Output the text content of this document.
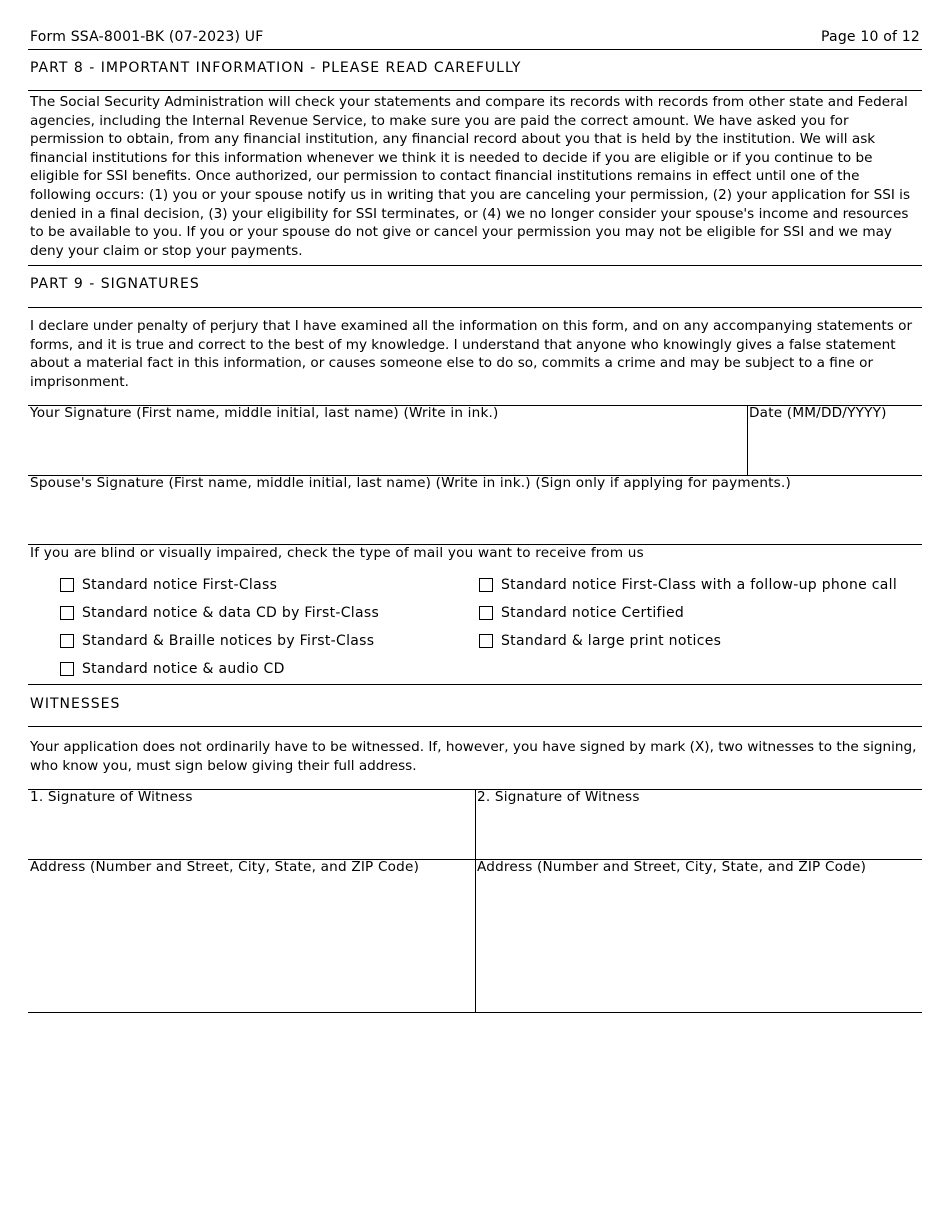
Form SSA-8001-BK (07-2023) UF	Page 10 of 12
PART 8 - IMPORTANT INFORMATION - PLEASE READ CAREFULLY
The Social Security Administration will check your statements and compare its records with records from other state and Federal agencies, including the Internal Revenue Service, to make sure you are paid the correct amount. We have asked you for permission to obtain, from any financial institution, any financial record about you that is held by the institution. We will ask financial institutions for this information whenever we think it is needed to decide if you are eligible or if you continue to be eligible for SSI benefits. Once authorized, our permission to contact financial institutions remains in effect until one of the following occurs: (1) you or your spouse notify us in writing that you are canceling your permission, (2) your application for SSI is denied in a final decision, (3) your eligibility for SSI terminates, or (4) we no longer consider your spouse's income and resources to be available to you. If you or your spouse do not give or cancel your permission you may not be eligible for SSI and we may deny your claim or stop your payments.
PART 9 - SIGNATURES
I declare under penalty of perjury that I have examined all the information on this form, and on any accompanying statements or forms, and it is true and correct to the best of my knowledge. I understand that anyone who knowingly gives a false statement about a material fact in this information, or causes someone else to do so, commits a crime and may be subject to a fine or imprisonment.
Your Signature (First name, middle initial, last name) (Write in ink.)	Date (MM/DD/YYYY)
Spouse's Signature (First name, middle initial, last name) (Write in ink.) (Sign only if applying for payments.)
If you are blind or visually impaired, check the type of mail you want to receive from us
Standard notice First-Class
Standard notice & data CD by First-Class
Standard & Braille notices by First-Class
Standard notice & audio CD
Standard notice First-Class with a follow-up phone call
Standard notice Certified
Standard & large print notices
WITNESSES
Your application does not ordinarily have to be witnessed. If, however, you have signed by mark (X), two witnesses to the signing, who know you, must sign below giving their full address.
1. Signature of Witness	2. Signature of Witness
Address (Number and Street, City, State, and ZIP Code)	Address (Number and Street, City, State, and ZIP Code)
